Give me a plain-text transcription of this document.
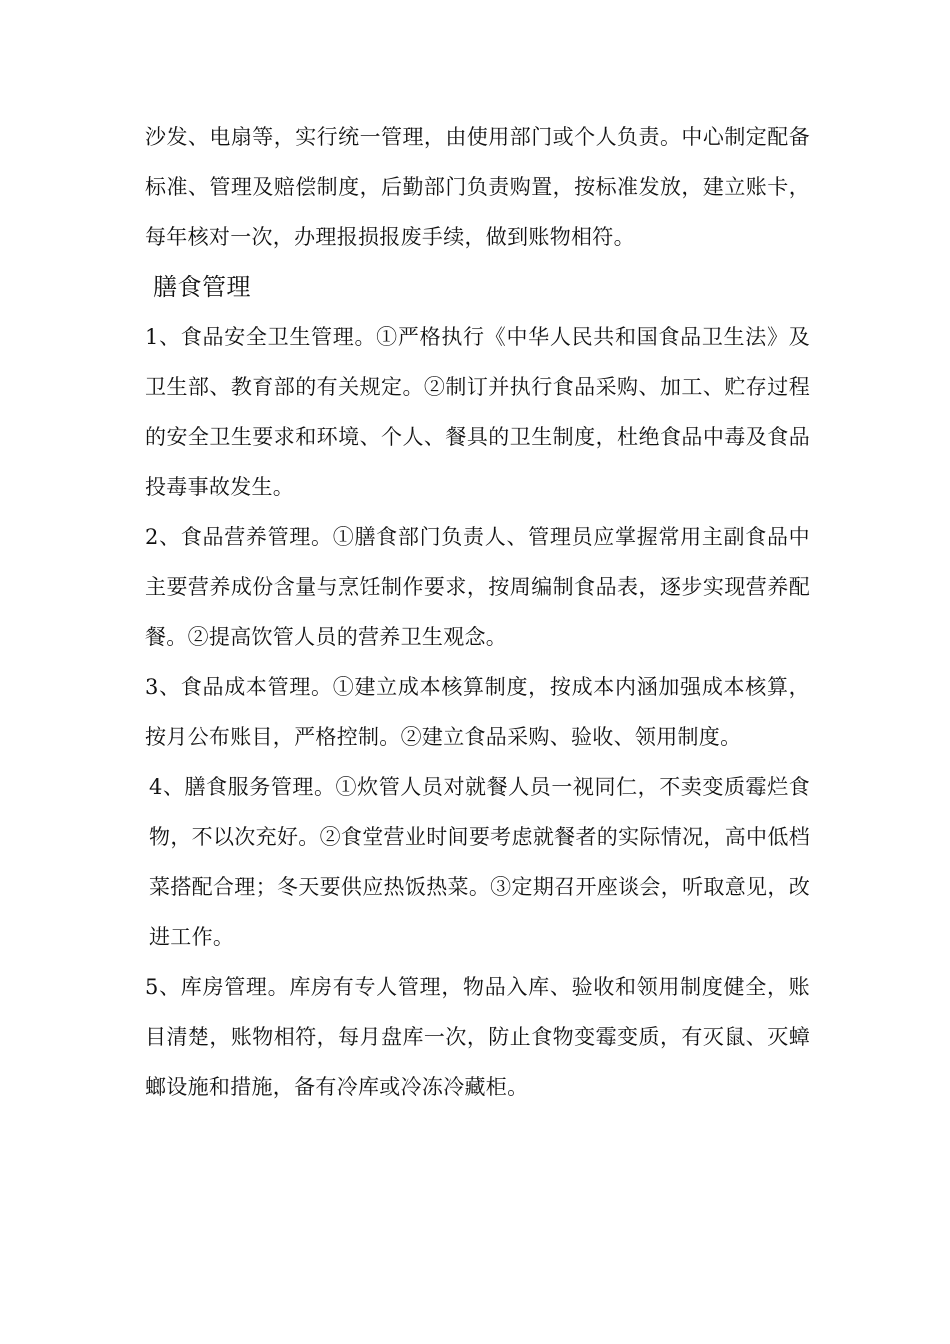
沙发、电扇等，实行统一管理，由使用部门或个人负责。中心制定配备标准、管理及赔偿制度，后勤部门负责购置，按标准发放，建立账卡，每年核对一次，办理报损报废手续，做到账物相符。

膳食管理

1、食品安全卫生管理。①严格执行《中华人民共和国食品卫生法》及卫生部、教育部的有关规定。②制订并执行食品采购、加工、贮存过程的安全卫生要求和环境、个人、餐具的卫生制度，杜绝食品中毒及食品投毒事故发生。

2、食品营养管理。①膳食部门负责人、管理员应掌握常用主副食品中主要营养成份含量与烹饪制作要求，按周编制食品表，逐步实现营养配餐。②提高饮管人员的营养卫生观念。

3、食品成本管理。①建立成本核算制度，按成本内涵加强成本核算，按月公布账目，严格控制。②建立食品采购、验收、领用制度。

4、膳食服务管理。①炊管人员对就餐人员一视同仁，不卖变质霉烂食物，不以次充好。②食堂营业时间要考虑就餐者的实际情况，高中低档菜搭配合理；冬天要供应热饭热菜。③定期召开座谈会，听取意见，改进工作。

5、库房管理。库房有专人管理，物品入库、验收和领用制度健全，账目清楚，账物相符，每月盘库一次，防止食物变霉变质，有灭鼠、灭蟑螂设施和措施，备有冷库或冷冻冷藏柜。
